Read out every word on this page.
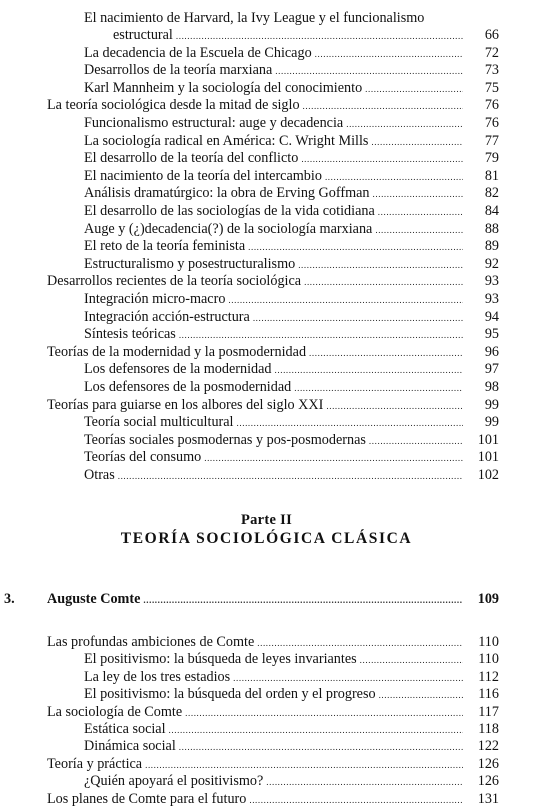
El nacimiento de Harvard, la Ivy League y el funcionalismo
estructural .....	66
La decadencia de la Escuela de Chicago .....	72
Desarrollos de la teoría marxiana .....	73
Karl Mannheim y la sociología del conocimiento .....	75
La teoría sociológica desde la mitad de siglo .....	76
Funcionalismo estructural: auge y decadencia .....	76
La sociología radical en América: C. Wright Mills .....	77
El desarrollo de la teoría del conflicto .....	79
El nacimiento de la teoría del intercambio .....	81
Análisis dramatúrgico: la obra de Erving Goffman .....	82
El desarrollo de las sociologías de la vida cotidiana .....	84
Auge y (¿)decadencia(?) de la sociología marxiana .....	88
El reto de la teoría feminista .....	89
Estructuralismo y posestructuralismo .....	92
Desarrollos recientes de la teoría sociológica .....	93
Integración micro-macro .....	93
Integración acción-estructura .....	94
Síntesis teóricas .....	95
Teorías de la modernidad y la posmodernidad .....	96
Los defensores de la modernidad .....	97
Los defensores de la posmodernidad .....	98
Teorías para guiarse en los albores del siglo XXI .....	99
Teoría social multicultural .....	99
Teorías sociales posmodernas y pos-posmodernas .....	101
Teorías del consumo .....	101
Otras .....	102
Parte II
TEORÍA SOCIOLÓGICA CLÁSICA
3. Auguste Comte .....	109
Las profundas ambiciones de Comte .....	110
El positivismo: la búsqueda de leyes invariantes .....	110
La ley de los tres estadios .....	112
El positivismo: la búsqueda del orden y el progreso .....	116
La sociología de Comte .....	117
Estática social .....	118
Dinámica social .....	122
Teoría y práctica .....	126
¿Quién apoyará el positivismo? .....	126
Los planes de Comte para el futuro .....	131
